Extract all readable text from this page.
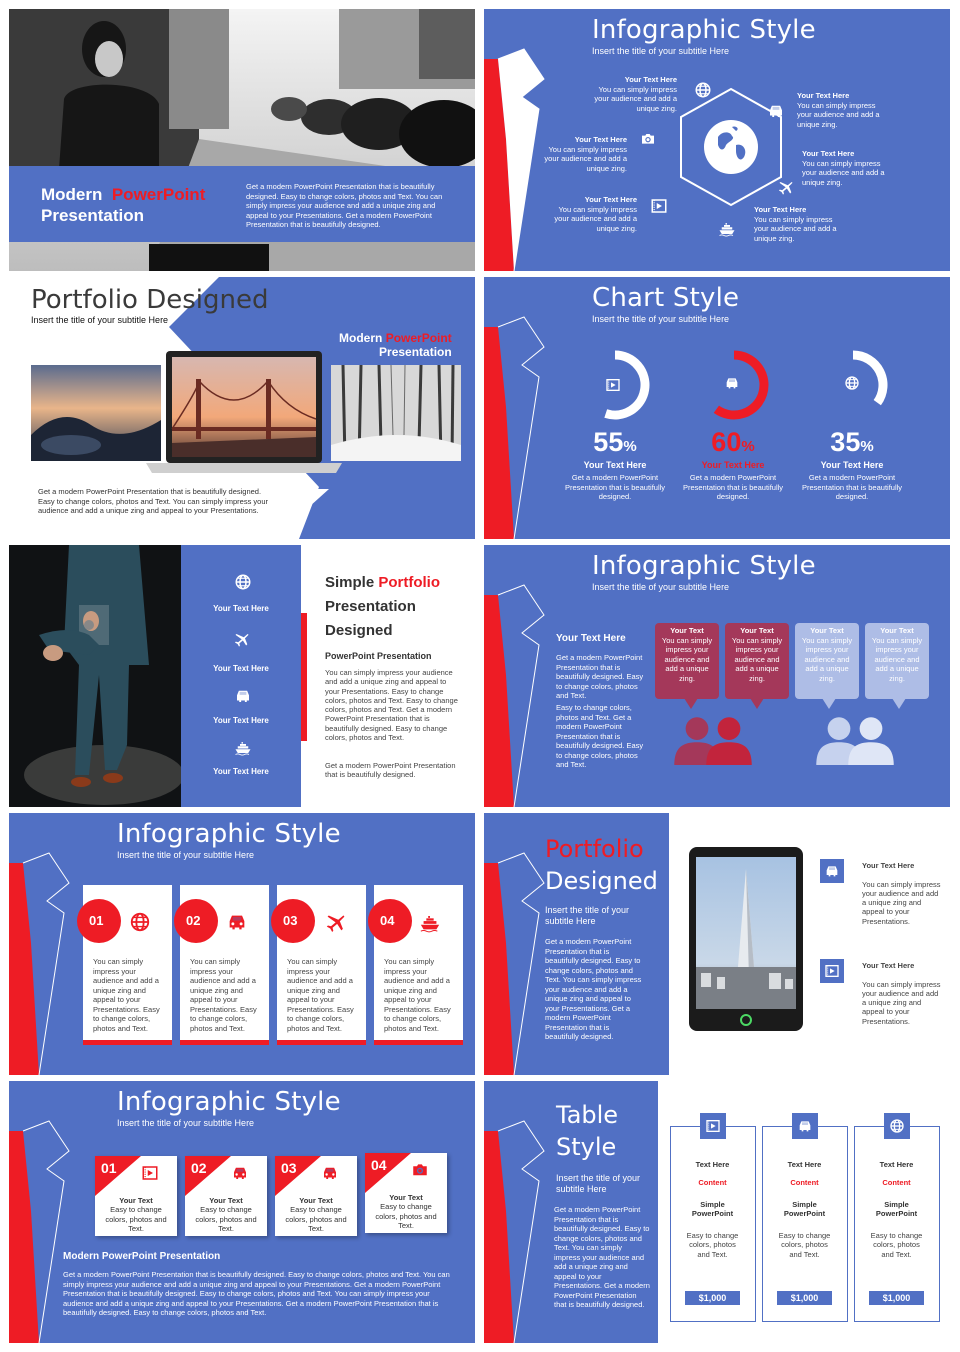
Modern PowerPoint
Presentation
Get a modern PowerPoint Presentation that is beautifully designed. Easy to change colors, photos and Text. You can simply impress your audience and add a unique zing and appeal to your Presentations. Get a modern PowerPoint Presentation that is beautifully designed.
Infographic Style
Insert the title of your subtitle Here
Your Text Here
You can simply impress your audience and add a unique zing.
Your Text Here
You can simply impress your audience and add a unique zing.
Your Text Here
You can simply impress your audience and add a unique zing.
Your Text Here
You can simply impress your audience and add a unique zing.
Your Text Here
You can simply impress your audience and add a unique zing.
Your Text Here
You can simply impress your audience and add a unique zing.
Portfolio Designed
Insert the title of your subtitle Here
Modern PowerPoint
Presentation
Get a modern PowerPoint Presentation that is beautifully designed. Easy to change colors, photos and Text. You can simply impress your audience and add a unique zing and appeal to your Presentations.
Chart Style
Insert the title of your subtitle Here
55%
Your Text Here
Get a modern PowerPoint Presentation that is beautifully designed.
60%
Your Text Here
Get a modern PowerPoint Presentation that is beautifully designed.
35%
Your Text Here
Get a modern PowerPoint Presentation that is beautifully designed.
Your Text Here
Your Text Here
Your Text Here
Your Text Here
Simple Portfolio
Presentation
Designed
PowerPoint Presentation
You can simply impress your audience and add a unique zing and appeal to your Presentations. Easy to change colors, photos and Text. Easy to change colors, photos and Text. Get a modern PowerPoint Presentation that is beautifully designed. Easy to change colors, photos and Text.
Get a modern PowerPoint Presentation that is beautifully designed.
Infographic Style
Insert the title of your subtitle Here
Your Text Here
Get a modern PowerPoint Presentation that is beautifully designed. Easy to change colors, photos and Text.
Easy to change colors, photos and Text. Get a modern PowerPoint Presentation that is beautifully designed. Easy to change colors, photos and Text.
Your Text
You can simply impress your audience and add a unique zing.
Your Text
You can simply impress your audience and add a unique zing.
Your Text
You can simply impress your audience and add a unique zing.
Your Text
You can simply impress your audience and add a unique zing.
Infographic Style
Insert the title of your subtitle Here
01
You can simply impress your audience and add a unique zing and appeal to your Presentations. Easy to change colors, photos and Text.
02
You can simply impress your audience and add a unique zing and appeal to your Presentations. Easy to change colors, photos and Text.
03
You can simply impress your audience and add a unique zing and appeal to your Presentations. Easy to change colors, photos and Text.
04
You can simply impress your audience and add a unique zing and appeal to your Presentations. Easy to change colors, photos and Text.
Portfolio
Designed
Insert the title of your subtitle Here
Get a modern PowerPoint Presentation that is beautifully designed. Easy to change colors, photos and Text. You can simply impress your audience and add a unique zing and appeal to your Presentations. Get a modern PowerPoint Presentation that is beautifully designed.
Your Text Here

You can simply impress your audience and add a unique zing and appeal to your Presentations.
Your Text Here

You can simply impress your audience and add a unique zing and appeal to your Presentations.
Infographic Style
Insert the title of your subtitle Here
01
Your Text
Easy to change colors, photos and Text.
02
Your Text
Easy to change colors, photos and Text.
03
Your Text
Easy to change colors, photos and Text.
04
Your Text
Easy to change colors, photos and Text.
Modern PowerPoint Presentation
Get a modern PowerPoint Presentation that is beautifully designed. Easy to change colors, photos and Text. You can simply impress your audience and add a unique zing and appeal to your Presentations. Get a modern PowerPoint Presentation that is beautifully designed. Easy to change colors, photos and Text. You can simply impress your audience and add a unique zing and appeal to your Presentations. Get a modern PowerPoint Presentation that is beautifully designed. Easy to change colors, photos and Text.
Table
Style
Insert the title of your subtitle Here
Get a modern PowerPoint Presentation that is beautifully designed. Easy to change colors, photos and Text. You can simply impress your audience and add a unique zing and appeal to your Presentations. Get a modern PowerPoint Presentation that is beautifully designed.
Text Here
Content
Simple PowerPoint
Easy to change colors, photos and Text.
$1,000
Text Here
Content
Simple PowerPoint
Easy to change colors, photos and Text.
$1,000
Text Here
Content
Simple PowerPoint
Easy to change colors, photos and Text.
$1,000
